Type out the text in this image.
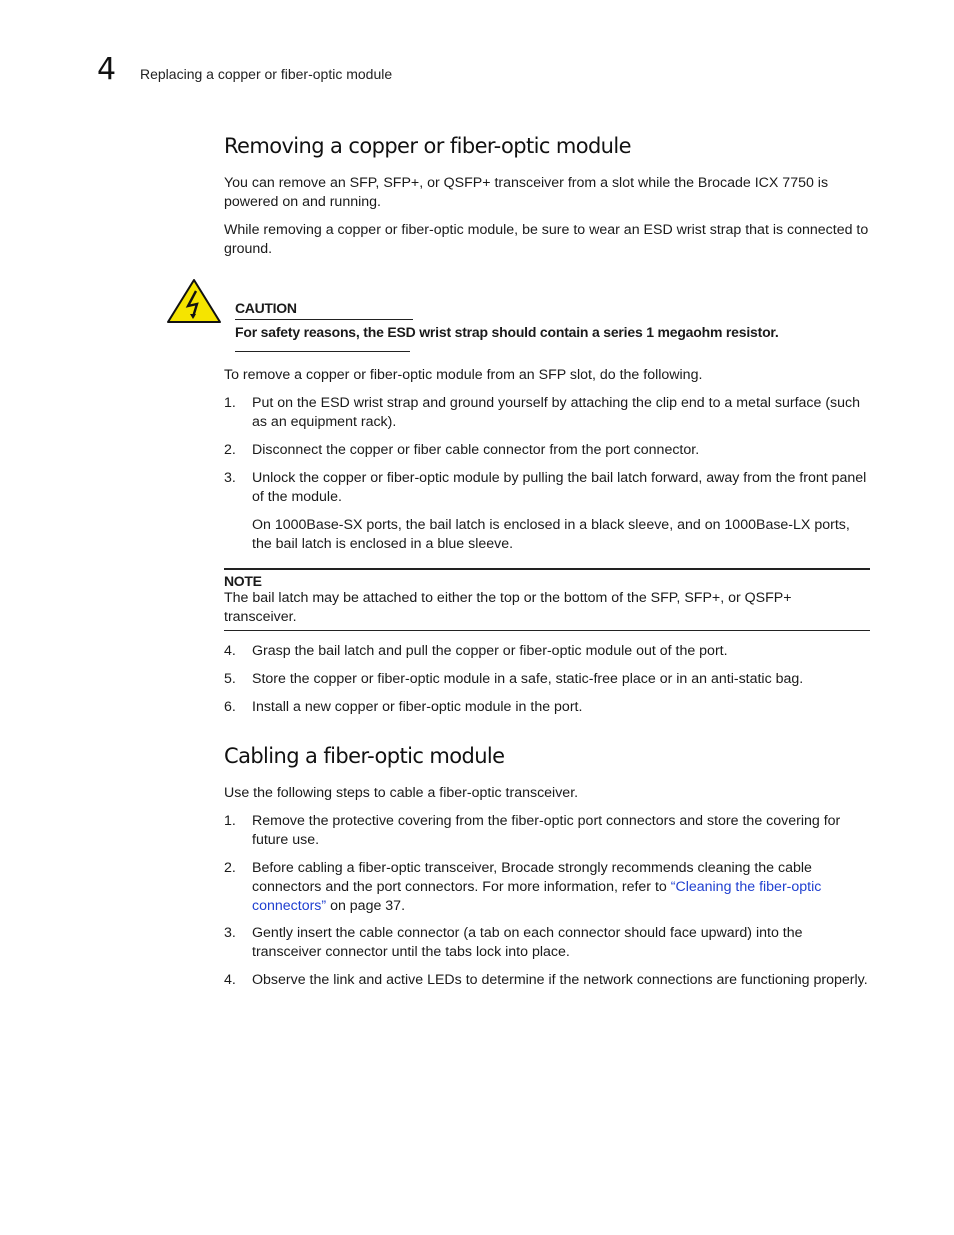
4 Replacing a copper or fiber-optic module
CAUTION
For safety reasons, the ESD wrist strap should contain a series 1 megaohm resistor.
Removing a copper or fiber-optic module

You can remove an SFP, SFP+, or QSFP+ transceiver from a slot while the Brocade ICX 7750 is powered on and running.

While removing a copper or fiber-optic module, be sure to wear an ESD wrist strap that is connected to ground.

To remove a copper or fiber-optic module from an SFP slot, do the following.

1. Put on the ESD wrist strap and ground yourself by attaching the clip end to a metal surface (such as an equipment rack).
2. Disconnect the copper or fiber cable connector from the port connector.
3. Unlock the copper or fiber-optic module by pulling the bail latch forward, away from the front panel of the module.
On 1000Base-SX ports, the bail latch is enclosed in a black sleeve, and on 1000Base-LX ports, the bail latch is enclosed in a blue sleeve.
NOTE
The bail latch may be attached to either the top or the bottom of the SFP, SFP+, or QSFP+ transceiver.
4. Grasp the bail latch and pull the copper or fiber-optic module out of the port.
5. Store the copper or fiber-optic module in a safe, static-free place or in an anti-static bag.
6. Install a new copper or fiber-optic module in the port.
Cabling a fiber-optic module

Use the following steps to cable a fiber-optic transceiver.

1. Remove the protective covering from the fiber-optic port connectors and store the covering for future use.
2. Before cabling a fiber-optic transceiver, Brocade strongly recommends cleaning the cable connectors and the port connectors. For more information, refer to “Cleaning the fiber-optic connectors” on page 37.
3. Gently insert the cable connector (a tab on each connector should face upward) into the transceiver connector until the tabs lock into place.
4. Observe the link and active LEDs to determine if the network connections are functioning properly.
